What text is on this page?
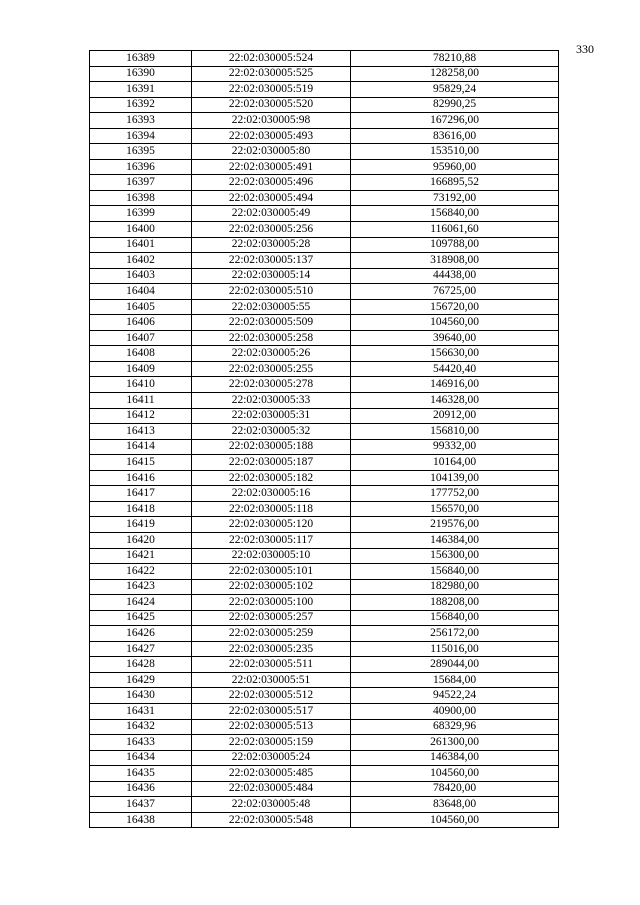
330
16389	22:02:030005:524	78210,88
16390	22:02:030005:525	128258,00
16391	22:02:030005:519	95829,24
16392	22:02:030005:520	82990,25
16393	22:02:030005:98	167296,00
16394	22:02:030005:493	83616,00
16395	22:02:030005:80	153510,00
16396	22:02:030005:491	95960,00
16397	22:02:030005:496	166895,52
16398	22:02:030005:494	73192,00
16399	22:02:030005:49	156840,00
16400	22:02:030005:256	116061,60
16401	22:02:030005:28	109788,00
16402	22:02:030005:137	318908,00
16403	22:02:030005:14	44438,00
16404	22:02:030005:510	76725,00
16405	22:02:030005:55	156720,00
16406	22:02:030005:509	104560,00
16407	22:02:030005:258	39640,00
16408	22:02:030005:26	156630,00
16409	22:02:030005:255	54420,40
16410	22:02:030005:278	146916,00
16411	22:02:030005:33	146328,00
16412	22:02:030005:31	20912,00
16413	22:02:030005:32	156810,00
16414	22:02:030005:188	99332,00
16415	22:02:030005:187	10164,00
16416	22:02:030005:182	104139,00
16417	22:02:030005:16	177752,00
16418	22:02:030005:118	156570,00
16419	22:02:030005:120	219576,00
16420	22:02:030005:117	146384,00
16421	22:02:030005:10	156300,00
16422	22:02:030005:101	156840,00
16423	22:02:030005:102	182980,00
16424	22:02:030005:100	188208,00
16425	22:02:030005:257	156840,00
16426	22:02:030005:259	256172,00
16427	22:02:030005:235	115016,00
16428	22:02:030005:511	289044,00
16429	22:02:030005:51	15684,00
16430	22:02:030005:512	94522,24
16431	22:02:030005:517	40900,00
16432	22:02:030005:513	68329,96
16433	22:02:030005:159	261300,00
16434	22:02:030005:24	146384,00
16435	22:02:030005:485	104560,00
16436	22:02:030005:484	78420,00
16437	22:02:030005:48	83648,00
16438	22:02:030005:548	104560,00
